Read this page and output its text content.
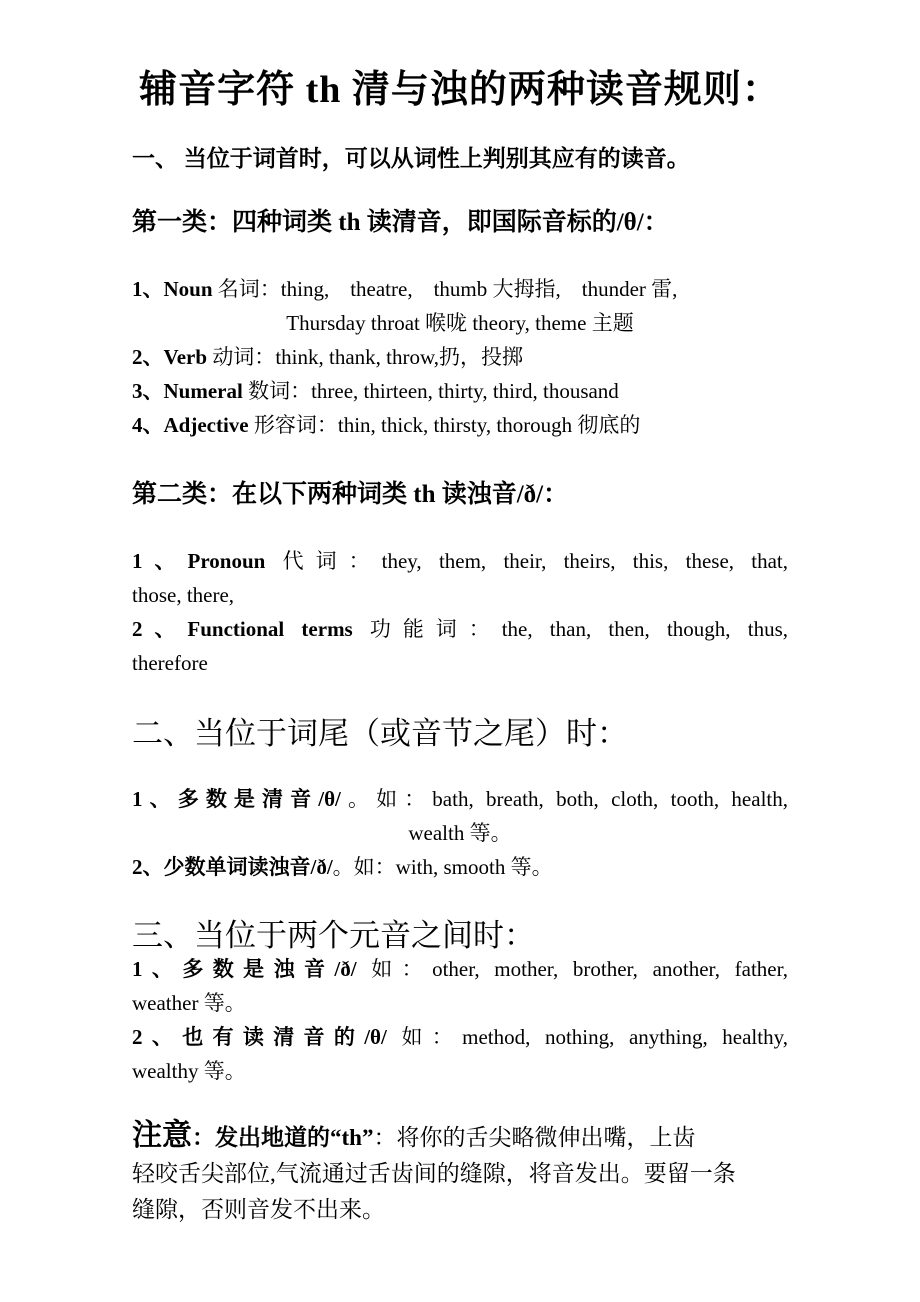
辅音字符 th 清与浊的两种读音规则：
一、 当位于词首时，可以从词性上判别其应有的读音。
第一类：四种词类 th 读清音，即国际音标的/θ/：
1、Noun 名词：thing,    theatre,    thumb 大拇指,    thunder 雷,
Thursday throat 喉咙 theory, theme 主题
2、Verb 动词：think, thank, throw,扔，投掷
3、Numeral 数词：three, thirteen, thirty, third, thousand
4、Adjective 形容词：thin, thick, thirsty, thorough 彻底的
第二类：在以下两种词类 th 读浊音/ð/：
1、Pronoun 代词：they, them, their, theirs, this, these, that,
those, there,
2、Functional terms 功能词：the, than, then, though, thus,
therefore
二、当位于词尾（或音节之尾）时：
1、多数是清音/θ/。如：bath, breath, both, cloth, tooth, health,
wealth 等。
2、少数单词读浊音/ð/。如：with, smooth 等。
三、当位于两个元音之间时：
1、多数是浊音/ð/ 如：other, mother, brother, another, father,
weather 等。
2、也有读清音的/θ/ 如：method, nothing, anything, healthy,
wealthy 等。
注意：发出地道的“th”：将你的舌尖略微伸出嘴，上齿
轻咬舌尖部位,气流通过舌齿间的缝隙，将音发出。要留一条
缝隙，否则音发不出来。
